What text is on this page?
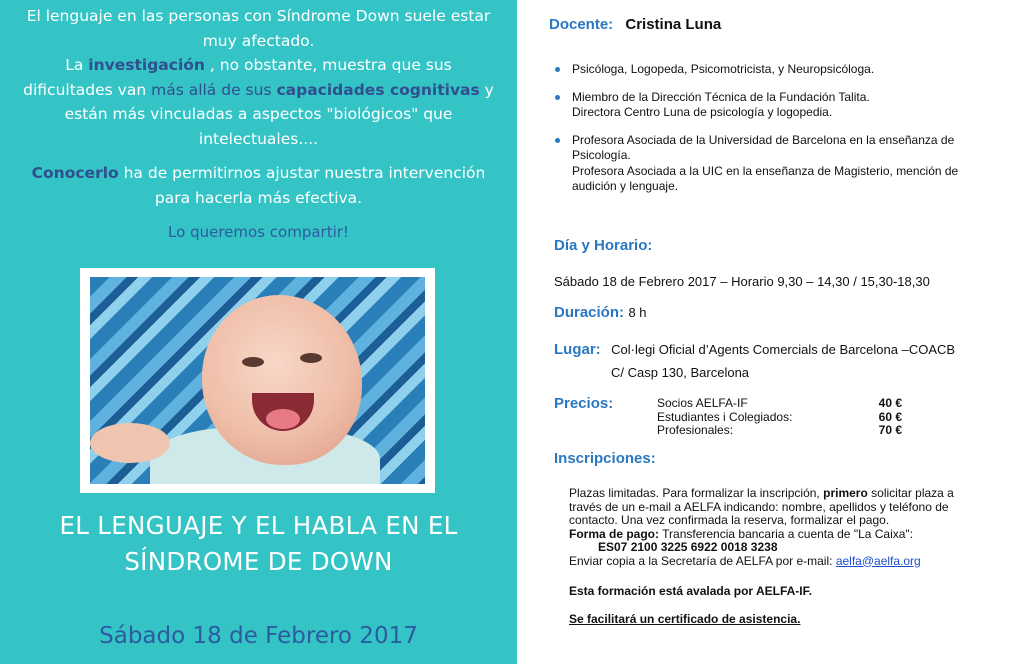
El lenguaje en las personas con Síndrome Down suele estar

muy afectado.

La investigación , no obstante, muestra que sus

dificultades van más allá de sus capacidades cognitivas y

están más vinculadas a aspectos "biológicos" que

intelectuales....

Conocerlo ha de permitirnos ajustar nuestra intervención

para hacerla más efectiva.

Lo queremos compartir!

EL LENGUAJE Y EL HABLA EN EL
SÍNDROME DE DOWN
Sábado 18 de Febrero 2017
Docente: Cristina Luna
Psicóloga, Logopeda, Psicomotricista, y Neuropsicóloga.
Miembro de la Dirección Técnica de la Fundación Talita.
Directora Centro Luna de psicología y logopedia.
Profesora Asociada de la Universidad de Barcelona en la enseñanza de
Psicología.
Profesora Asociada a la UIC en la enseñanza de Magisterio, mención de
audición y lenguaje.
Día y Horario:
Sábado 18 de Febrero 2017 – Horario 9,30 – 14,30 / 15,30-18,30
Duración: 8 h
Lugar: Col·legi Oficial d’Agents Comercials de Barcelona –COACB
C/ Casp 130, Barcelona
Precios:	Socios AELFA-IF	40 €
Estudiantes i Colegiados:	60 €
Profesionales:	70 €
Inscripciones:
Plazas limitadas. Para formalizar la inscripción, primero solicitar plaza a
través de un e-mail a AELFA indicando: nombre, apellidos y teléfono de
contacto. Una vez confirmada la reserva, formalizar el pago.
Forma de pago: Transferencia bancaria a cuenta de "La Caixa":
ES07 2100 3225 6922 0018 3238
Enviar copia a la Secretaría de AELFA por e-mail: aelfa@aelfa.org
Esta formación está avalada por AELFA-IF.
Se facilitará un certificado de asistencia.
